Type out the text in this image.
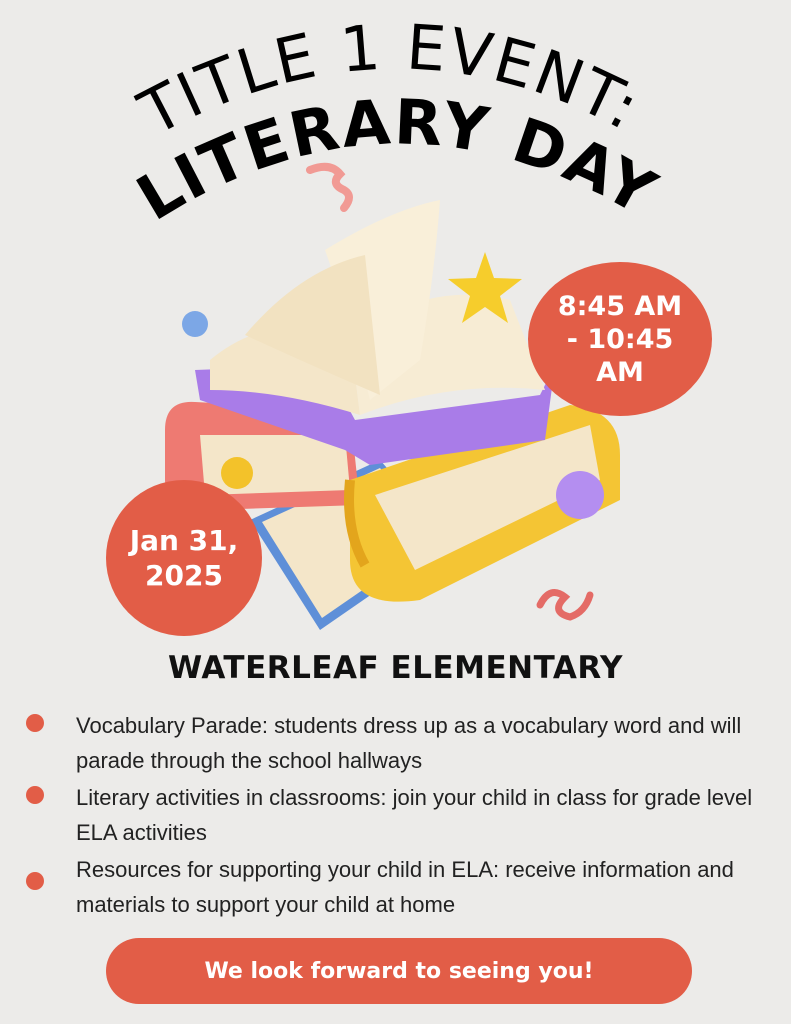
TITLE 1 EVENT:
LITERARY DAY
8:45 AM
- 10:45
AM
Jan 31,
2025
WATERLEAF ELEMENTARY
Vocabulary Parade: students dress up as a vocabulary word and will parade through the school hallways
Literary activities in classrooms: join your child in class for grade level ELA activities
Resources for supporting your child in ELA: receive information and materials to support your child at home
We look forward to seeing you!
